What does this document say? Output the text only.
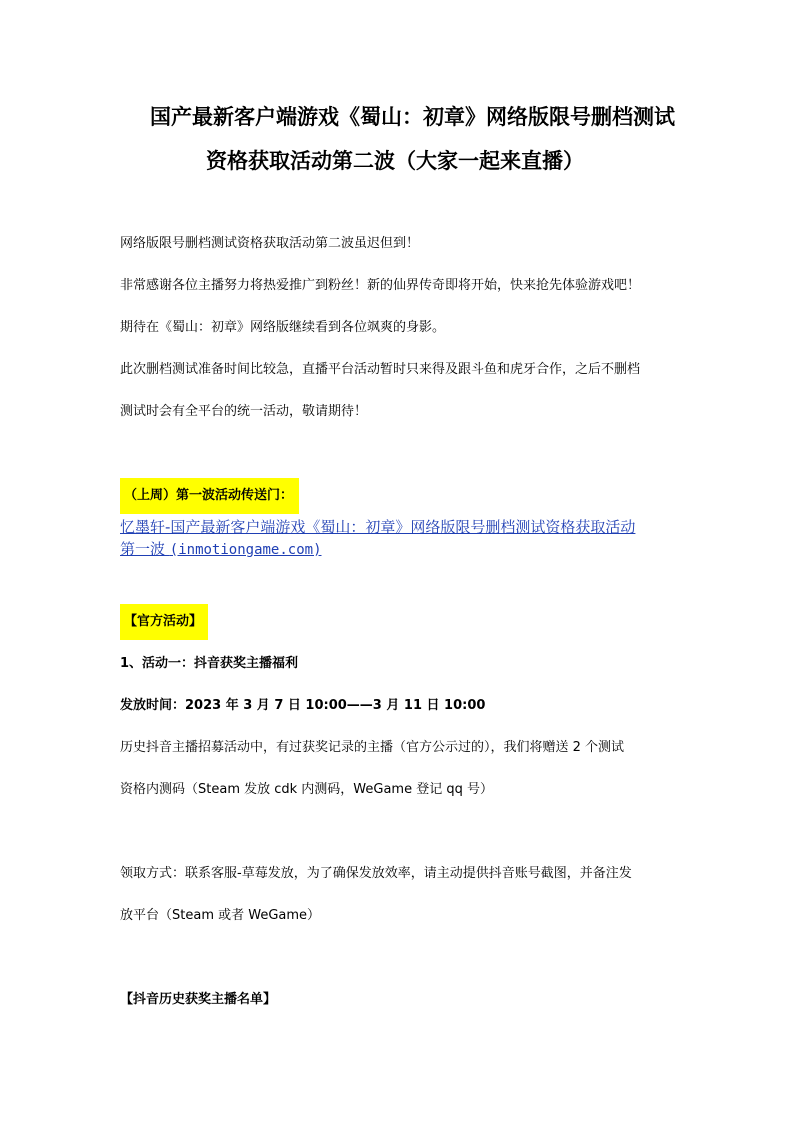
国产最新客户端游戏《蜀山：初章》网络版限号删档测试
资格获取活动第二波（大家一起来直播）
网络版限号删档测试资格获取活动第二波虽迟但到！
非常感谢各位主播努力将热爱推广到粉丝！新的仙界传奇即将开始，快来抢先体验游戏吧！
期待在《蜀山：初章》网络版继续看到各位飒爽的身影。
此次删档测试准备时间比较急，直播平台活动暂时只来得及跟斗鱼和虎牙合作，之后不删档
测试时会有全平台的统一活动，敬请期待！
（上周）第一波活动传送门：
忆墨轩-国产最新客户端游戏《蜀山：初章》网络版限号删档测试资格获取活动
第一波 (inmotiongame.com)
【官方活动】
1、活动一：抖音获奖主播福利
发放时间：2023 年 3 月 7 日 10:00——3 月 11 日 10:00
历史抖音主播招募活动中，有过获奖记录的主播（官方公示过的），我们将赠送 2 个测试
资格内测码（Steam 发放 cdk 内测码，WeGame 登记 qq 号）
领取方式：联系客服-草莓发放，为了确保发放效率，请主动提供抖音账号截图，并备注发
放平台（Steam 或者 WeGame）
【抖音历史获奖主播名单】
